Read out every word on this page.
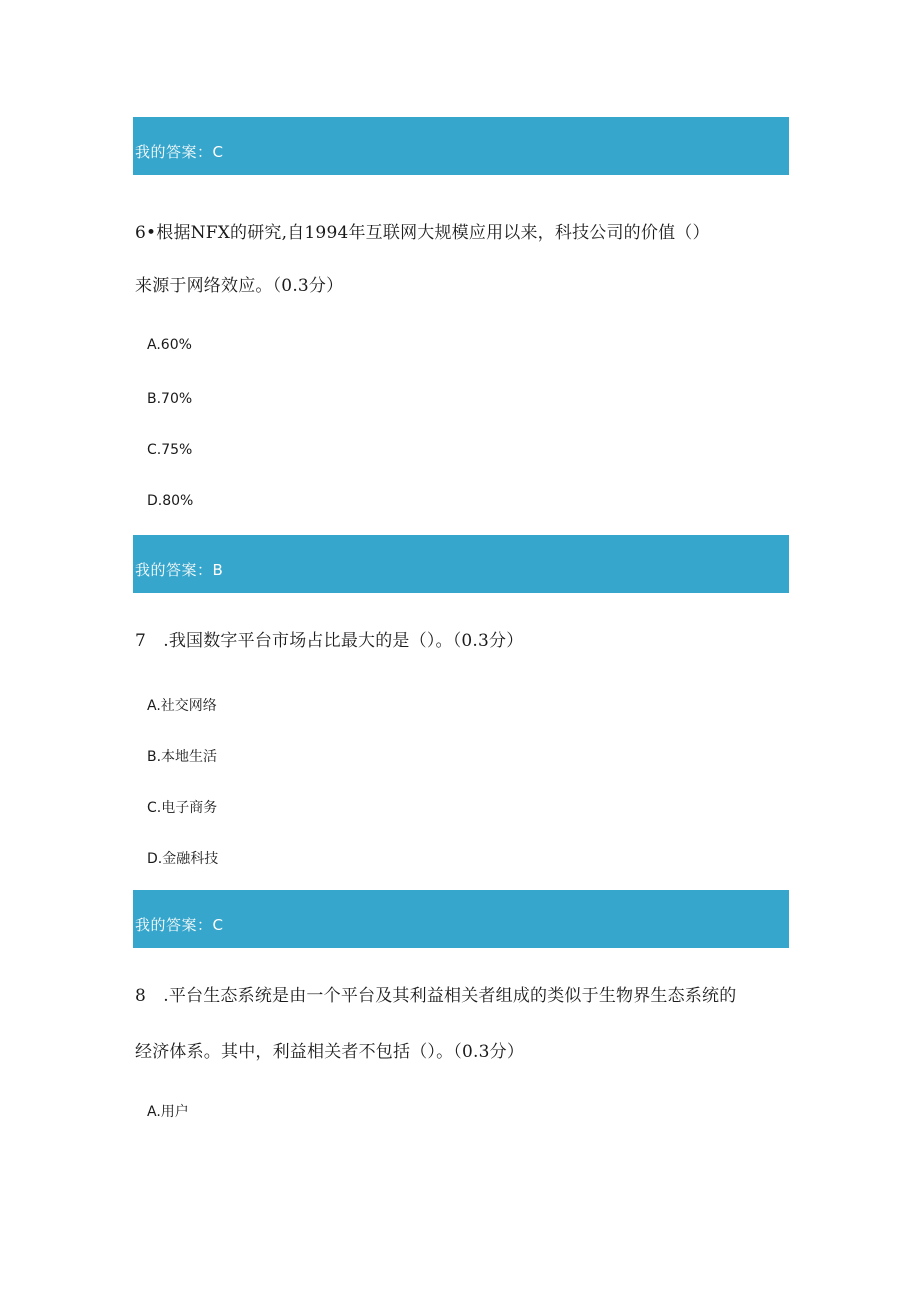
我的答案：C
6•根据NFX的研究,自1994年互联网大规模应用以来，科技公司的价值（）
来源于网络效应。（0.3分）
A.60%
B.70%
C.75%
D.80%
我的答案：B
7　.我国数字平台市场占比最大的是（）。（0.3分）
A.社交网络
B.本地生活
C.电子商务
D.金融科技
我的答案：C
8　.平台生态系统是由一个平台及其利益相关者组成的类似于生物界生态系统的
经济体系。其中，利益相关者不包括（）。（0.3分）
A.用户
